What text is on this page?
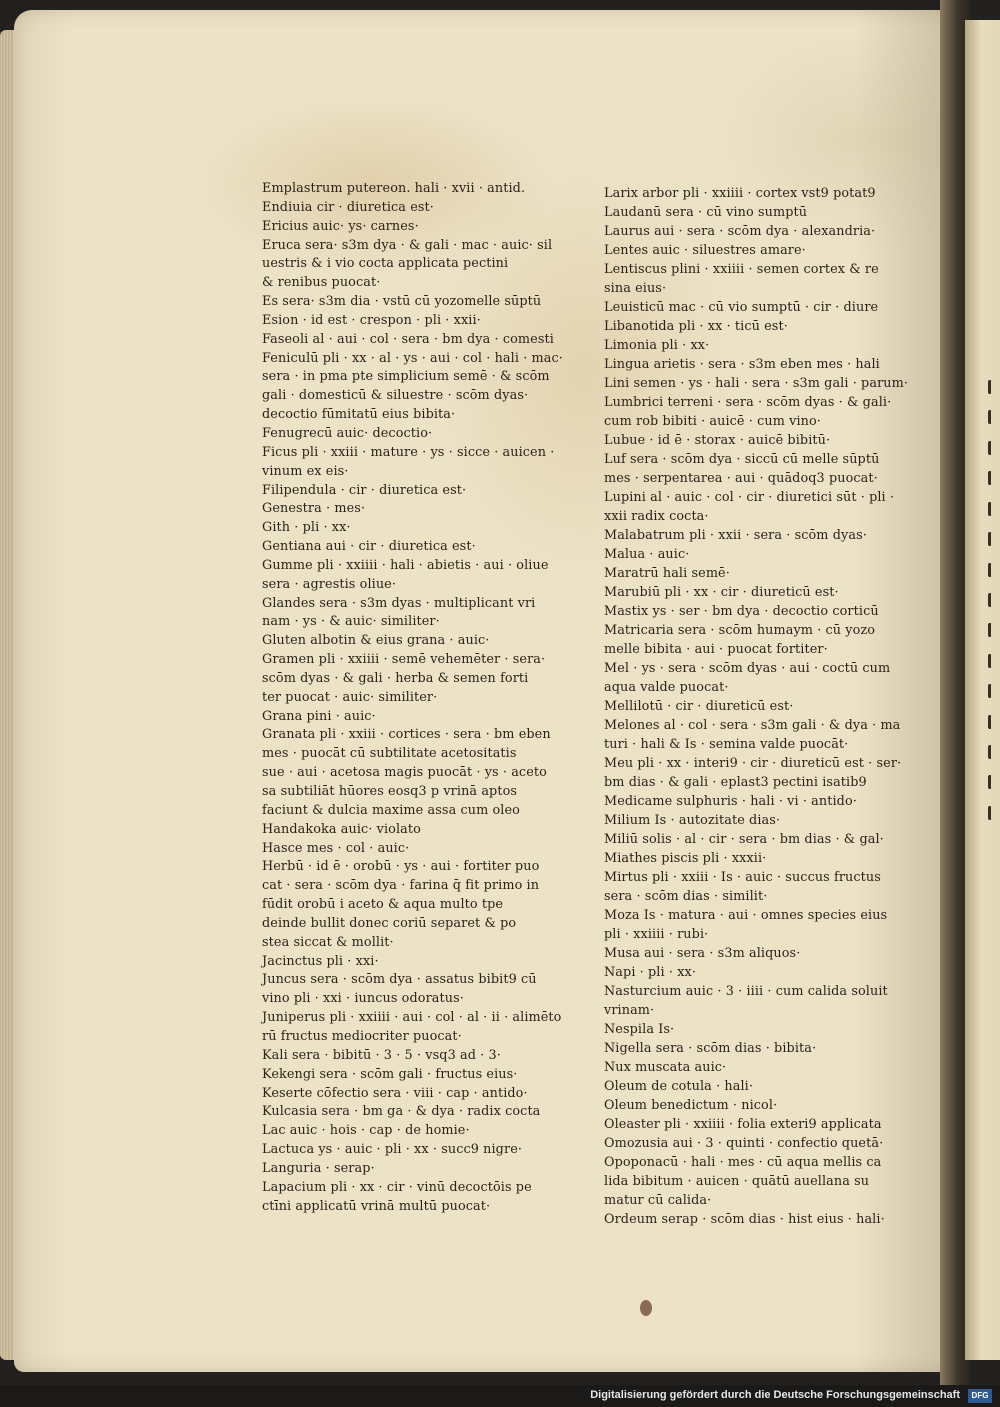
Emplastrum putereon. hali · xvii · antid.
Endiuia cir · diuretica est·
Ericius auic· ys· carnes·
Eruca sera· s3m dya · & gali · mac · auic· sil
uestris & i vio cocta applicata pectini
& renibus puocat·
Es sera· s3m dia · vstū cū yozomelle sūptū
Esion · id est · crespon · pli · xxii·
Faseoli al · aui · col · sera · bm dya · comesti
Feniculū pli · xx · al · ys · aui · col · hali · mac·
sera · in pma pte simplicium semē · & scōm
gali · domesticū & siluestre · scōm dyas·
decoctio fūmitatū eius bibita·
Fenugrecū auic· decoctio·
Ficus pli · xxiii · mature · ys · sicce · auicen ·
vinum ex eis·
Filipendula · cir · diuretica est·
Genestra · mes·
Gith · pli · xx·
Gentiana aui · cir · diuretica est·
Gumme pli · xxiiii · hali · abietis · aui · oliue
sera · agrestis oliue·
Glandes sera · s3m dyas · multiplicant vri
nam · ys · & auic· similiter·
Gluten albotin & eius grana · auic·
Gramen pli · xxiiii · semē vehemēter · sera·
scōm dyas · & gali · herba & semen forti
ter puocat · auic· similiter·
Grana pini · auic·
Granata pli · xxiii · cortices · sera · bm eben
mes · puocāt cū subtilitate acetositatis
sue · aui · acetosa magis puocāt · ys · aceto
sa subtiliāt hūores eosq3 p vrinā aptos
faciunt & dulcia maxime assa cum oleo
Handakoka auic· violato
Hasce mes · col · auic·
Herbū · id ē · orobū · ys · aui · fortiter puo
cat · sera · scōm dya · farina q̄ fit primo in
fūdit orobū i aceto & aqua multo tpe
deinde bullit donec coriū separet & po
stea siccat & mollit·
Jacinctus pli · xxi·
Juncus sera · scōm dya · assatus bibit9 cū
vino pli · xxi · iuncus odoratus·
Juniperus pli · xxiiii · aui · col · al · ii · alimēto
rū fructus mediocriter puocat·
Kali sera · bibitū · 3 · 5 · vsq3 ad · 3·
Kekengi sera · scōm gali · fructus eius·
Keserte cōfectio sera · viii · cap · antido·
Kulcasia sera · bm ga · & dya · radix cocta
Lac auic · hois · cap · de homie·
Lactuca ys · auic · pli · xx · succ9 nigre·
Languria · serap·
Lapacium pli · xx · cir · vinū decoctōis pe
ctīni applicatū vrinā multū puocat·
Larix arbor pli · xxiiii · cortex vst9 potat9
Laudanū sera · cū vino sumptū
Laurus aui · sera · scōm dya · alexandria·
Lentes auic · siluestres amare·
Lentiscus plini · xxiiii · semen cortex & re
sina eius·
Leuisticū mac · cū vio sumptū · cir · diure
Libanotida pli · xx · ticū est·
Limonia pli · xx·
Lingua arietis · sera · s3m eben mes · hali
Lini semen · ys · hali · sera · s3m gali · parum·
Lumbrici terreni · sera · scōm dyas · & gali·
cum rob bibiti · auicē · cum vino·
Lubue · id ē · storax · auicē bibitū·
Luf sera · scōm dya · siccū cū melle sūptū
mes · serpentarea · aui · quādoq3 puocat·
Lupini al · auic · col · cir · diuretici sūt · pli ·
xxii radix cocta·
Malabatrum pli · xxii · sera · scōm dyas·
Malua · auic·
Maratrū hali semē·
Marubiū pli · xx · cir · diureticū est·
Mastix ys · ser · bm dya · decoctio corticū
Matricaria sera · scōm humaym · cū yozo
melle bibita · aui · puocat fortiter·
Mel · ys · sera · scōm dyas · aui · coctū cum
aqua valde puocat·
Mellilotū · cir · diureticū est·
Melones al · col · sera · s3m gali · & dya · ma
turi · hali & Is · semina valde puocāt·
Meu pli · xx · interi9 · cir · diureticū est · ser·
bm dias · & gali · eplast3 pectini isatib9
Medicame sulphuris · hali · vi · antido·
Milium Is · autozitate dias·
Miliū solis · al · cir · sera · bm dias · & gal·
Miathes piscis pli · xxxii·
Mirtus pli · xxiii · Is · auic · succus fructus
sera · scōm dias · similit·
Moza Is · matura · aui · omnes species eius
pli · xxiiii · rubi·
Musa aui · sera · s3m aliquos·
Napi · pli · xx·
Nasturcium auic · 3 · iiii · cum calida soluit
vrinam·
Nespila Is·
Nigella sera · scōm dias · bibita·
Nux muscata auic·
Oleum de cotula · hali·
Oleum benedictum · nicol·
Oleaster pli · xxiiii · folia exteri9 applicata
Omozusia aui · 3 · quinti · confectio quetā·
Opoponacū · hali · mes · cū aqua mellis ca
lida bibitum · auicen · quātū auellana su
matur cū calida·
Ordeum serap · scōm dias · hist eius · hali·
Digitalisierung gefördert durch die Deutsche Forschungsgemeinschaft	DFG
